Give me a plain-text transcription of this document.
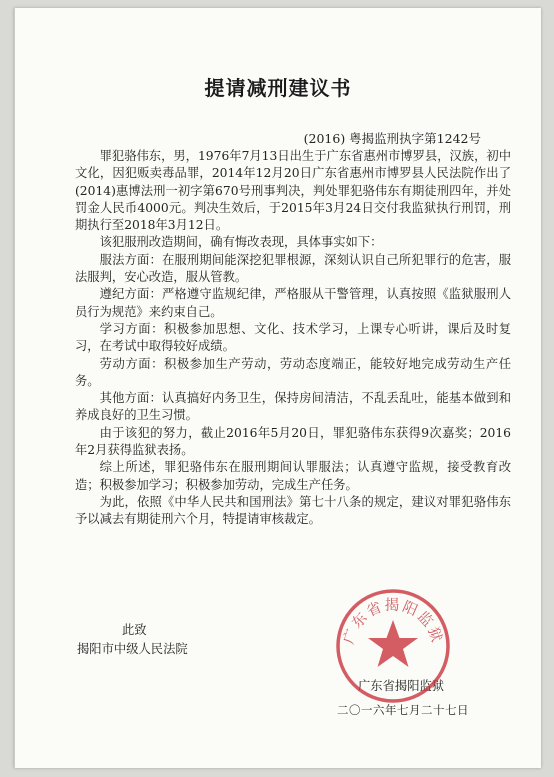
提请减刑建议书
(2016) 粤揭监刑执字第1242号

罪犯骆伟东，男，1976年7月13日出生于广东省惠州市博罗县，汉族，初中文化，因犯贩卖毒品罪，2014年12月20日广东省惠州市博罗县人民法院作出了(2014)惠博法刑一初字第670号刑事判决，判处罪犯骆伟东有期徒刑四年，并处罚金人民币4000元。判决生效后，于2015年3月24日交付我监狱执行刑罚，刑期执行至2018年3月12日。

该犯服刑改造期间，确有悔改表现，具体事实如下：

服法方面：在服刑期间能深挖犯罪根源，深刻认识自己所犯罪行的危害，服法服判，安心改造，服从管教。

遵纪方面：严格遵守监规纪律，严格服从干警管理，认真按照《监狱服刑人员行为规范》来约束自己。

学习方面：积极参加思想、文化、技术学习，上课专心听讲，课后及时复习，在考试中取得较好成绩。

劳动方面：积极参加生产劳动，劳动态度端正，能较好地完成劳动生产任务。

其他方面：认真搞好内务卫生，保持房间清洁，不乱丢乱吐，能基本做到和养成良好的卫生习惯。

由于该犯的努力，截止2016年5月20日，罪犯骆伟东获得9次嘉奖；2016年2月获得监狱表扬。

综上所述，罪犯骆伟东在服刑期间认罪服法；认真遵守监规，接受教育改造；积极参加学习；积极参加劳动，完成生产任务。

为此，依照《中华人民共和国刑法》第七十八条的规定，建议对罪犯骆伟东予以减去有期徒刑六个月，特提请审核裁定。

此致
揭阳市中级人民法院
广东省揭阳监狱
二〇一六年七月二十七日
广东省揭阳监狱
